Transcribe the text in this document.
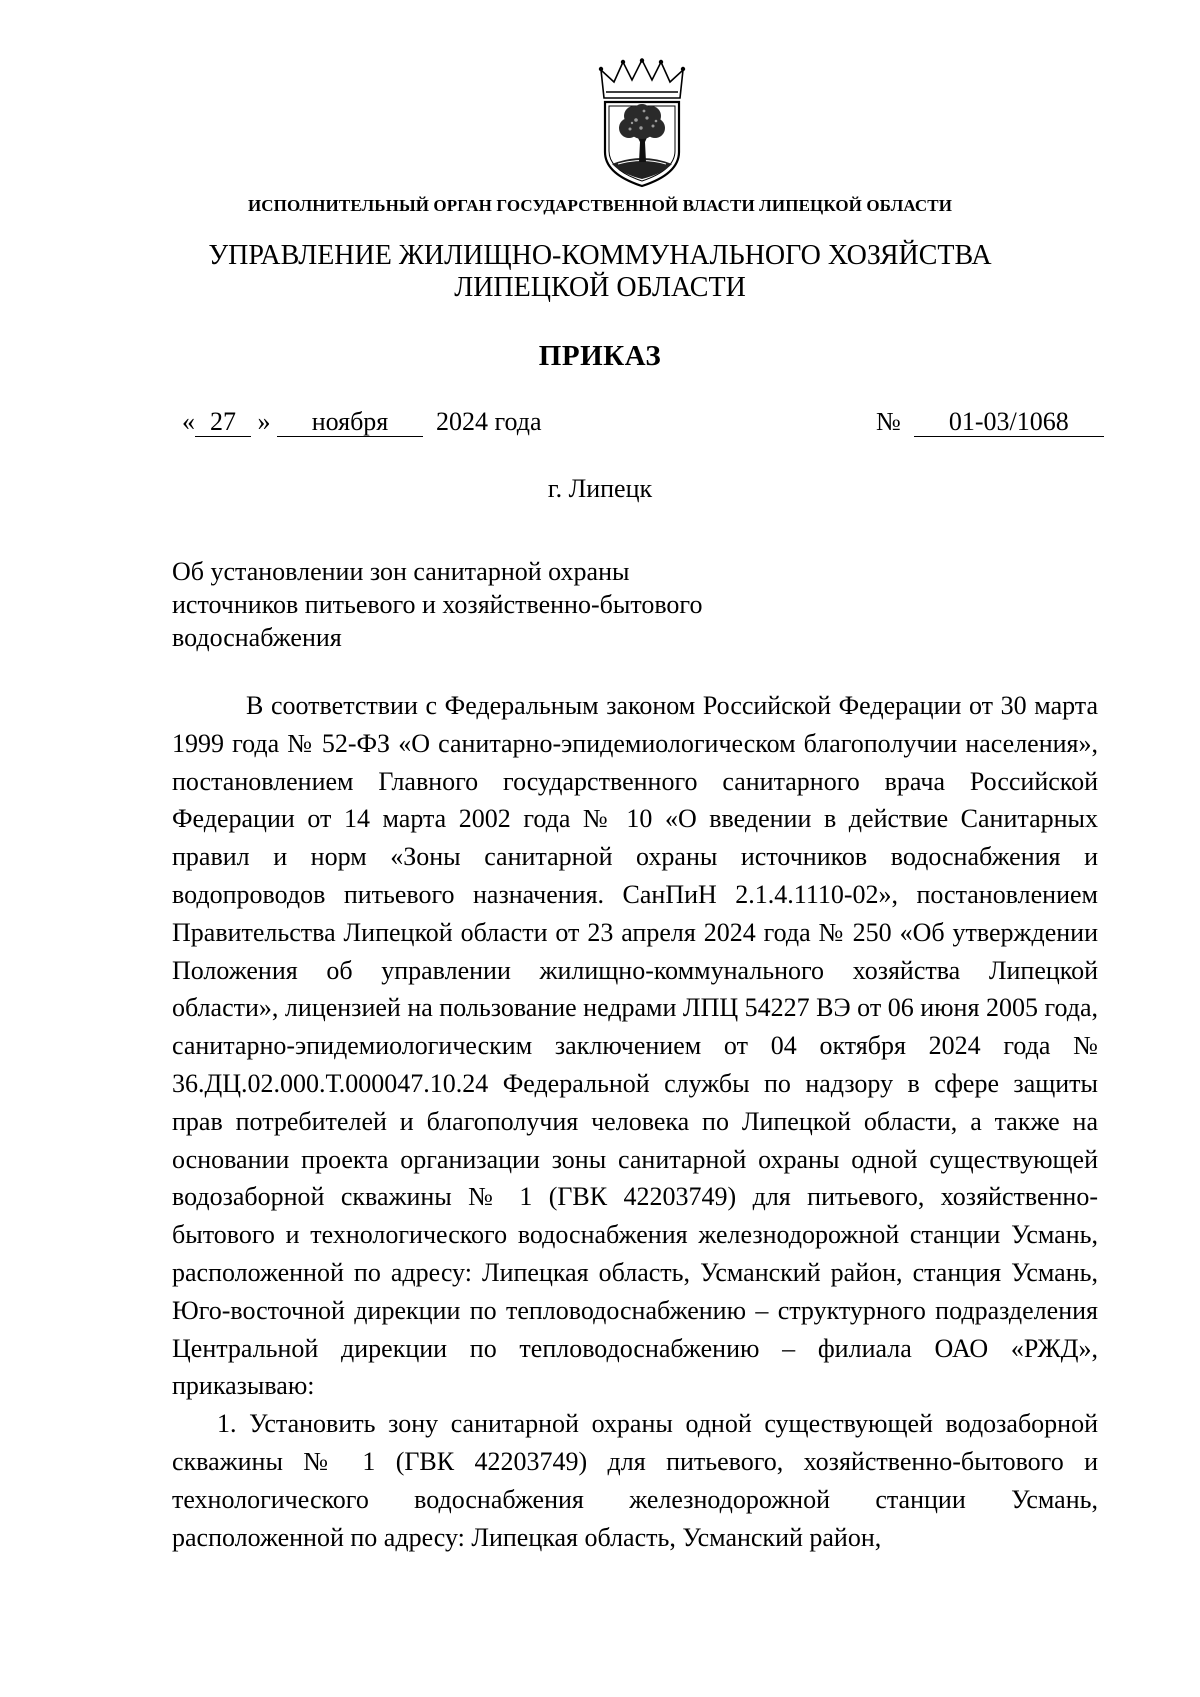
ИСПОЛНИТЕЛЬНЫЙ ОРГАН ГОСУДАРСТВЕННОЙ ВЛАСТИ ЛИПЕЦКОЙ ОБЛАСТИ
УПРАВЛЕНИЕ ЖИЛИЩНО-КОММУНАЛЬНОГО ХОЗЯЙСТВА
ЛИПЕЦКОЙ ОБЛАСТИ
ПРИКАЗ
« 27 » ноября 2024 года	№ 01-03/1068
г. Липецк
Об установлении зон санитарной охраны
источников питьевого и хозяйственно-бытового
водоснабжения

В соответствии с Федеральным законом Российской Федерации от 30 марта 1999 года № 52-ФЗ «О санитарно-эпидемиологическом благополучии населения», постановлением Главного государственного санитарного врача Российской Федерации от 14 марта 2002 года № 10 «О введении в действие Санитарных правил и норм «Зоны санитарной охраны источников водоснабжения и водопроводов питьевого назначения. СанПиН 2.1.4.1110-02», постановлением Правительства Липецкой области от 23 апреля 2024 года № 250 «Об утверждении Положения об управлении жилищно-коммунального хозяйства Липецкой области», лицензией на пользование недрами ЛПЦ 54227 ВЭ от 06 июня 2005 года, санитарно-эпидемиологическим заключением от 04 октября 2024 года № 36.ДЦ.02.000.Т.000047.10.24 Федеральной службы по надзору в сфере защиты прав потребителей и благополучия человека по Липецкой области, а также на основании проекта организации зоны санитарной охраны одной существующей водозаборной скважины № 1 (ГВК 42203749) для питьевого, хозяйственно-бытового и технологического водоснабжения железнодорожной станции Усмань, расположенной по адресу: Липецкая область, Усманский район, станция Усмань, Юго-восточной дирекции по тепловодоснабжению – структурного подразделения Центральной дирекции по тепловодоснабжению – филиала ОАО «РЖД», приказываю:

1. Установить зону санитарной охраны одной существующей водозаборной скважины № 1 (ГВК 42203749) для питьевого, хозяйственно-бытового и технологического водоснабжения железнодорожной станции Усмань, расположенной по адресу: Липецкая область, Усманский район,
